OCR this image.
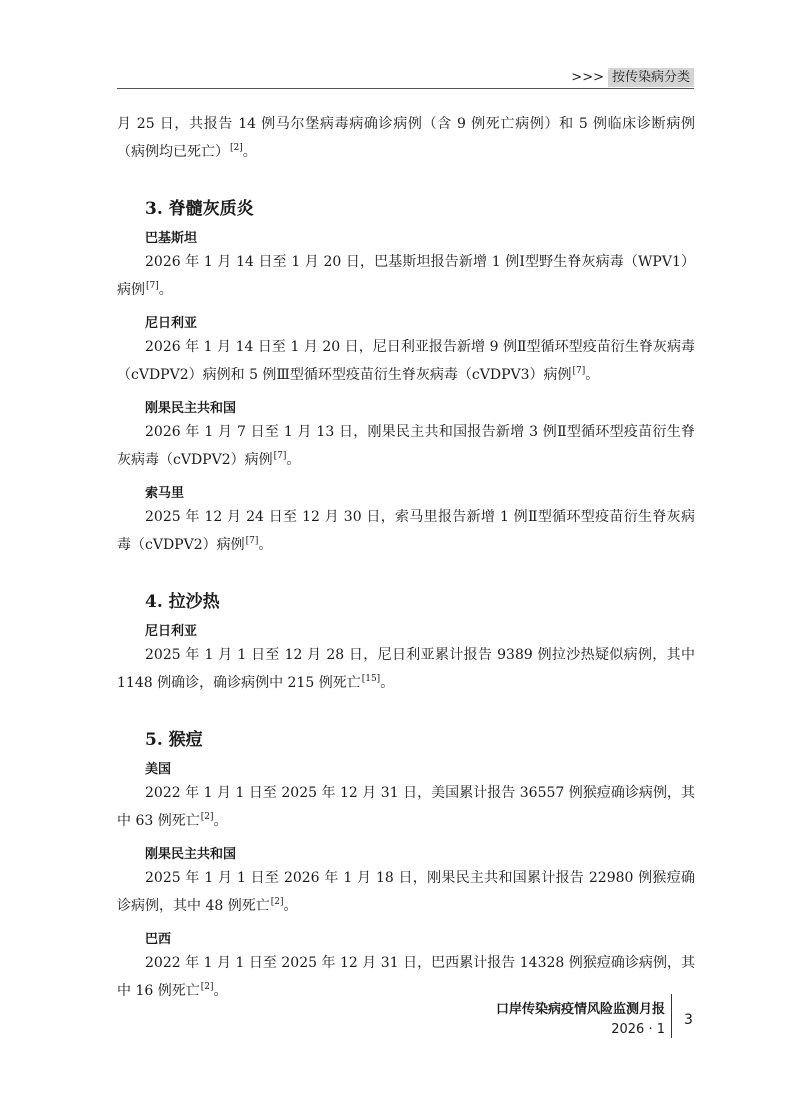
>>> 按传染病分类

月 25 日，共报告 14 例马尔堡病毒病确诊病例（含 9 例死亡病例）和 5 例临床诊断病例（病例均已死亡）[2]。

3. 脊髓灰质炎
巴基斯坦

2026 年 1 月 14 日至 1 月 20 日，巴基斯坦报告新增 1 例Ⅰ型野生脊灰病毒（WPV1）病例[7]。

尼日利亚

2026 年 1 月 14 日至 1 月 20 日，尼日利亚报告新增 9 例Ⅱ型循环型疫苗衍生脊灰病毒（cVDPV2）病例和 5 例Ⅲ型循环型疫苗衍生脊灰病毒（cVDPV3）病例[7]。

刚果民主共和国

2026 年 1 月 7 日至 1 月 13 日，刚果民主共和国报告新增 3 例Ⅱ型循环型疫苗衍生脊灰病毒（cVDPV2）病例[7]。

索马里

2025 年 12 月 24 日至 12 月 30 日，索马里报告新增 1 例Ⅱ型循环型疫苗衍生脊灰病毒（cVDPV2）病例[7]。

4. 拉沙热
尼日利亚

2025 年 1 月 1 日至 12 月 28 日，尼日利亚累计报告 9389 例拉沙热疑似病例，其中 1148 例确诊，确诊病例中 215 例死亡[15]。

5. 猴痘
美国

2022 年 1 月 1 日至 2025 年 12 月 31 日，美国累计报告 36557 例猴痘确诊病例，其中 63 例死亡[2]。

刚果民主共和国

2025 年 1 月 1 日至 2026 年 1 月 18 日，刚果民主共和国累计报告 22980 例猴痘确诊病例，其中 48 例死亡[2]。

巴西

2022 年 1 月 1 日至 2025 年 12 月 31 日，巴西累计报告 14328 例猴痘确诊病例，其中 16 例死亡[2]。

口岸传染病疫情风险监测月报
2026 · 1
3
